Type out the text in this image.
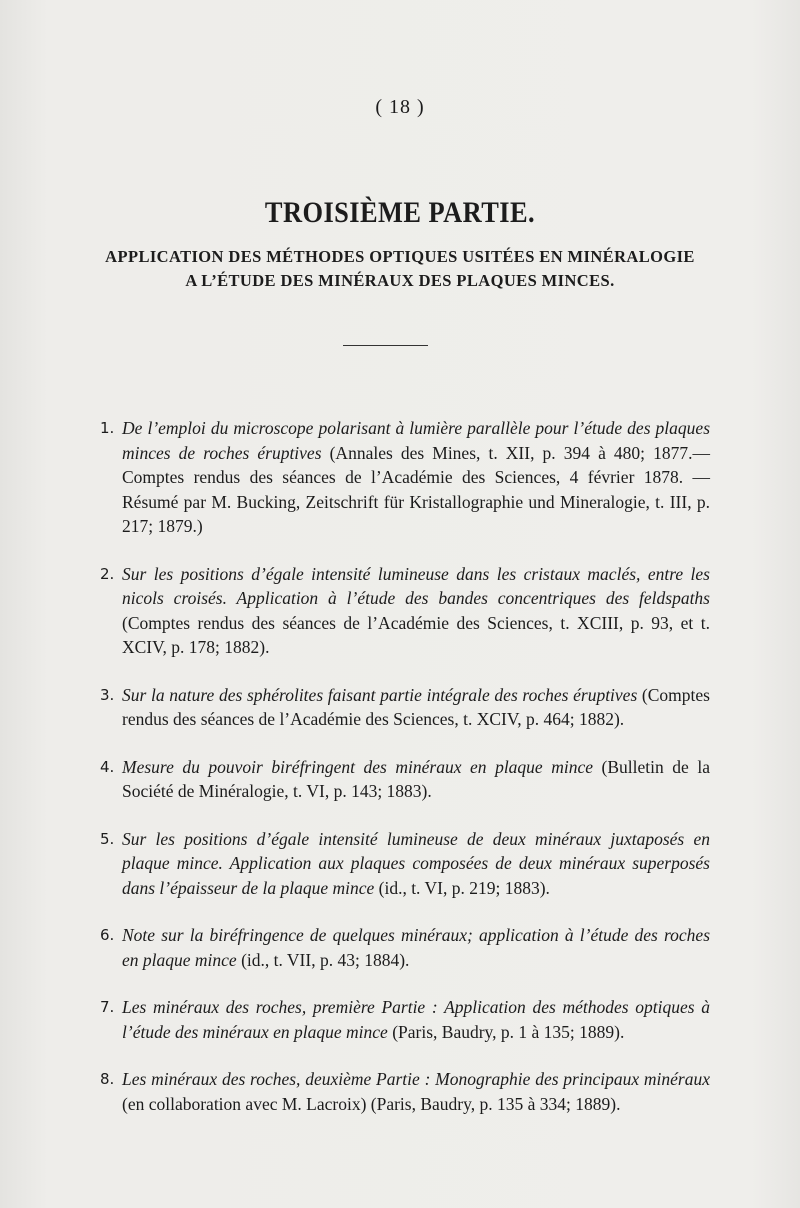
( 18 )
TROISIÈME PARTIE.
APPLICATION DES MÉTHODES OPTIQUES USITÉES EN MINÉRALOGIE
A L’ÉTUDE DES MINÉRAUX DES PLAQUES MINCES.
1. De l’emploi du microscope polarisant à lumière parallèle pour l’étude des plaques minces de roches éruptives (Annales des Mines, t. XII, p. 394 à 480; 1877.— Comptes rendus des séances de l’Académie des Sciences, 4 février 1878. — Résumé par M. Bucking, Zeitschrift für Kristallographie und Mineralogie, t. III, p. 217; 1879.)
2. Sur les positions d’égale intensité lumineuse dans les cristaux maclés, entre les nicols croisés. Application à l’étude des bandes concentriques des feldspaths (Comptes rendus des séances de l’Académie des Sciences, t. XCIII, p. 93, et t. XCIV, p. 178; 1882).
3. Sur la nature des sphérolites faisant partie intégrale des roches éruptives (Comptes rendus des séances de l’Académie des Sciences, t. XCIV, p. 464; 1882).
4. Mesure du pouvoir biréfringent des minéraux en plaque mince (Bulletin de la Société de Minéralogie, t. VI, p. 143; 1883).
5. Sur les positions d’égale intensité lumineuse de deux minéraux juxtaposés en plaque mince. Application aux plaques composées de deux minéraux superposés dans l’épaisseur de la plaque mince (id., t. VI, p. 219; 1883).
6. Note sur la biréfringence de quelques minéraux; application à l’étude des roches en plaque mince (id., t. VII, p. 43; 1884).
7. Les minéraux des roches, première Partie : Application des méthodes optiques à l’étude des minéraux en plaque mince (Paris, Baudry, p. 1 à 135; 1889).
8. Les minéraux des roches, deuxième Partie : Monographie des principaux minéraux (en collaboration avec M. Lacroix) (Paris, Baudry, p. 135 à 334; 1889).
